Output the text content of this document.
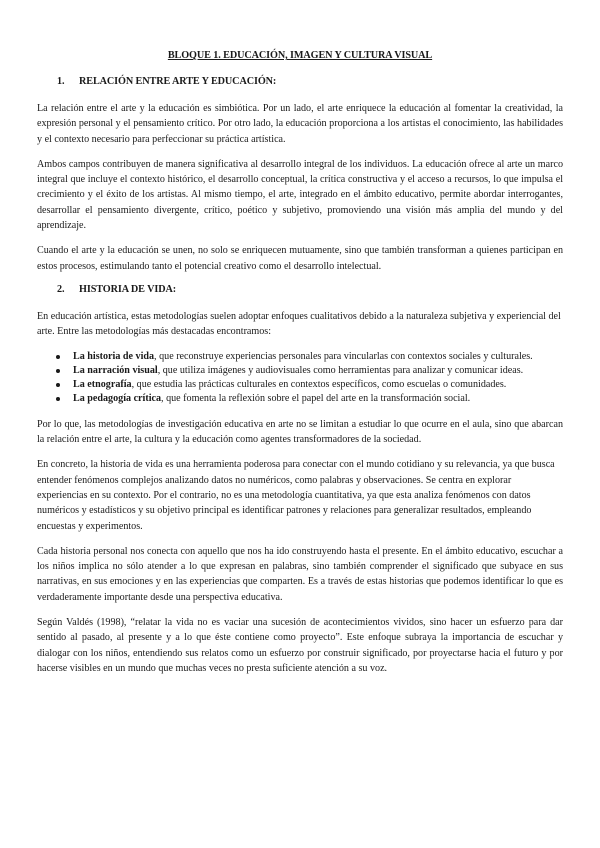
BLOQUE 1. EDUCACIÓN, IMAGEN Y CULTURA VISUAL
1. RELACIÓN ENTRE ARTE Y EDUCACIÓN:

La relación entre el arte y la educación es simbiótica. Por un lado, el arte enriquece la educación al fomentar la creatividad, la expresión personal y el pensamiento crítico. Por otro lado, la educación proporciona a los artistas el conocimiento, las habilidades y el contexto necesario para perfeccionar su práctica artística.

Ambos campos contribuyen de manera significativa al desarrollo integral de los individuos. La educación ofrece al arte un marco integral que incluye el contexto histórico, el desarrollo conceptual, la crítica constructiva y el acceso a recursos, lo que impulsa el crecimiento y el éxito de los artistas. Al mismo tiempo, el arte, integrado en el ámbito educativo, permite abordar interrogantes, desarrollar el pensamiento divergente, crítico, poético y subjetivo, promoviendo una visión más amplia del mundo y del aprendizaje.

Cuando el arte y la educación se unen, no solo se enriquecen mutuamente, sino que también transforman a quienes participan en estos procesos, estimulando tanto el potencial creativo como el desarrollo intelectual.

2. HISTORIA DE VIDA:

En educación artística, estas metodologías suelen adoptar enfoques cualitativos debido a la naturaleza subjetiva y experiencial del arte. Entre las metodologías más destacadas encontramos:

La historia de vida, que reconstruye experiencias personales para vincularlas con contextos sociales y culturales.
La narración visual, que utiliza imágenes y audiovisuales como herramientas para analizar y comunicar ideas.
La etnografía, que estudia las prácticas culturales en contextos específicos, como escuelas o comunidades.
La pedagogía crítica, que fomenta la reflexión sobre el papel del arte en la transformación social.

Por lo que, las metodologías de investigación educativa en arte no se limitan a estudiar lo que ocurre en el aula, sino que abarcan la relación entre el arte, la cultura y la educación como agentes transformadores de la sociedad.

En concreto, la historia de vida es una herramienta poderosa para conectar con el mundo cotidiano y su relevancia, ya que busca entender fenómenos complejos analizando datos no numéricos, como palabras y observaciones. Se centra en explorar experiencias en su contexto. Por el contrario, no es una metodología cuantitativa, ya que esta analiza fenómenos con datos numéricos y estadísticos y su objetivo principal es identificar patrones y relaciones para generalizar resultados, empleando encuestas y experimentos.

Cada historia personal nos conecta con aquello que nos ha ido construyendo hasta el presente. En el ámbito educativo, escuchar a los niños implica no sólo atender a lo que expresan en palabras, sino también comprender el significado que subyace en sus narrativas, en sus emociones y en las experiencias que comparten. Es a través de estas historias que podemos identificar lo que es verdaderamente importante desde una perspectiva educativa.

Según Valdés (1998), “relatar la vida no es vaciar una sucesión de acontecimientos vividos, sino hacer un esfuerzo para dar sentido al pasado, al presente y a lo que éste contiene como proyecto”. Este enfoque subraya la importancia de escuchar y dialogar con los niños, entendiendo sus relatos como un esfuerzo por construir significado, por proyectarse hacia el futuro y por hacerse visibles en un mundo que muchas veces no presta suficiente atención a su voz.
